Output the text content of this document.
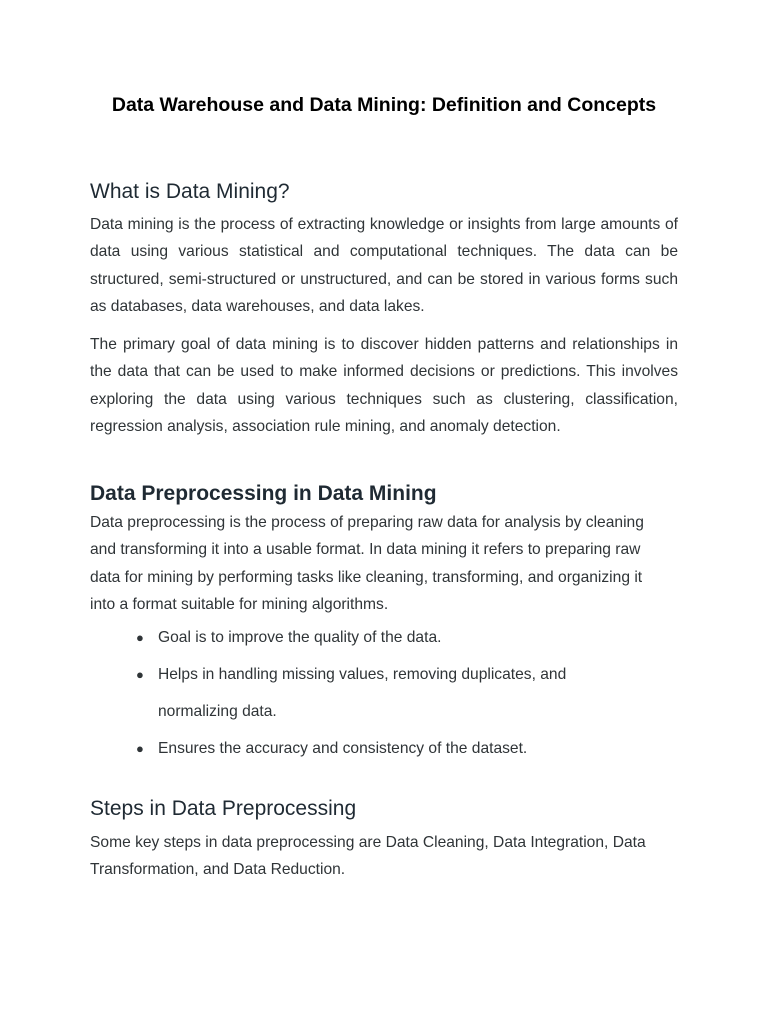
Data Warehouse and Data Mining: Definition and Concepts
What is Data Mining?

Data mining is the process of extracting knowledge or insights from large amounts of data using various statistical and computational techniques. The data can be structured, semi-structured or unstructured, and can be stored in various forms such as databases, data warehouses, and data lakes.

The primary goal of data mining is to discover hidden patterns and relationships in the data that can be used to make informed decisions or predictions. This involves exploring the data using various techniques such as clustering, classification, regression analysis, association rule mining, and anomaly detection.

Data Preprocessing in Data Mining

Data preprocessing is the process of preparing raw data for analysis by cleaning and transforming it into a usable format. In data mining it refers to preparing raw data for mining by performing tasks like cleaning, transforming, and organizing it into a format suitable for mining algorithms.

● Goal is to improve the quality of the data.
● Helps in handling missing values, removing duplicates, and
normalizing data.
● Ensures the accuracy and consistency of the dataset.
Steps in Data Preprocessing

Some key steps in data preprocessing are Data Cleaning, Data Integration, Data Transformation, and Data Reduction.
